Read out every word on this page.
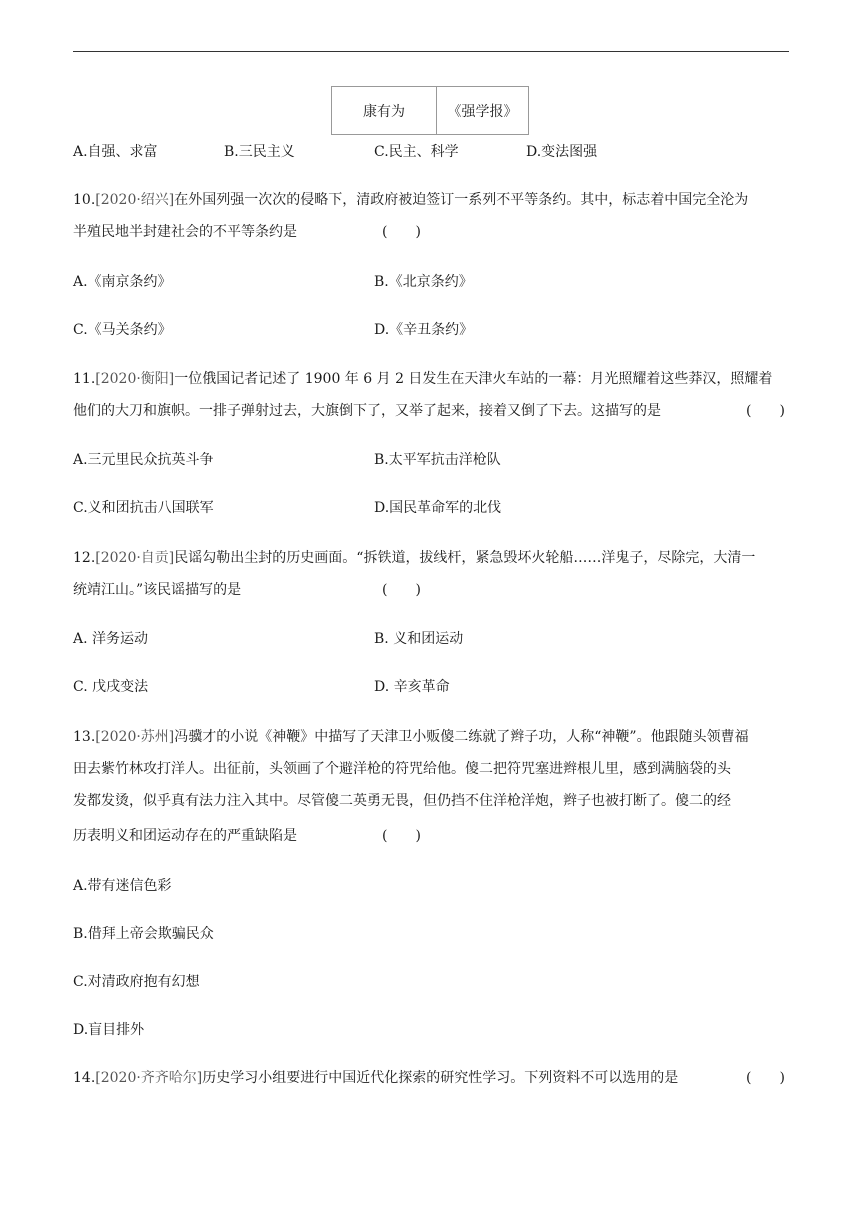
康有为	《强学报》
A.自强、求富	B.三民主义	C.民主、科学	D.变法图强
10.[2020·绍兴]在外国列强一次次的侵略下，清政府被迫签订一系列不平等条约。其中，标志着中国完全沦为
半殖民地半封建社会的不平等条约是	(　　)
A.《南京条约》	B.《北京条约》
C.《马关条约》	D.《辛丑条约》
11.[2020·衡阳]一位俄国记者记述了 1900 年 6 月 2 日发生在天津火车站的一幕：月光照耀着这些莽汉，照耀着
他们的大刀和旗帜。一排子弹射过去，大旗倒下了，又举了起来，接着又倒了下去。这描写的是	(　　)
A.三元里民众抗英斗争	B.太平军抗击洋枪队
C.义和团抗击八国联军	D.国民革命军的北伐
12.[2020·自贡]民谣勾勒出尘封的历史画面。“拆铁道，拔线杆，紧急毁坏火轮船……洋鬼子，尽除完，大清一
统靖江山。”该民谣描写的是	(　　)
A. 洋务运动	B. 义和团运动
C. 戊戌变法	D. 辛亥革命
13.[2020·苏州]冯骥才的小说《神鞭》中描写了天津卫小贩傻二练就了辫子功，人称“神鞭”。他跟随头领曹福
田去紫竹林攻打洋人。出征前，头领画了个避洋枪的符咒给他。傻二把符咒塞进辫根儿里，感到满脑袋的头
发都发烫，似乎真有法力注入其中。尽管傻二英勇无畏，但仍挡不住洋枪洋炮，辫子也被打断了。傻二的经
历表明义和团运动存在的严重缺陷是	(　　)
A.带有迷信色彩
B.借拜上帝会欺骗民众
C.对清政府抱有幻想
D.盲目排外
14.[2020·齐齐哈尔]历史学习小组要进行中国近代化探索的研究性学习。下列资料不可以选用的是	(　　)
